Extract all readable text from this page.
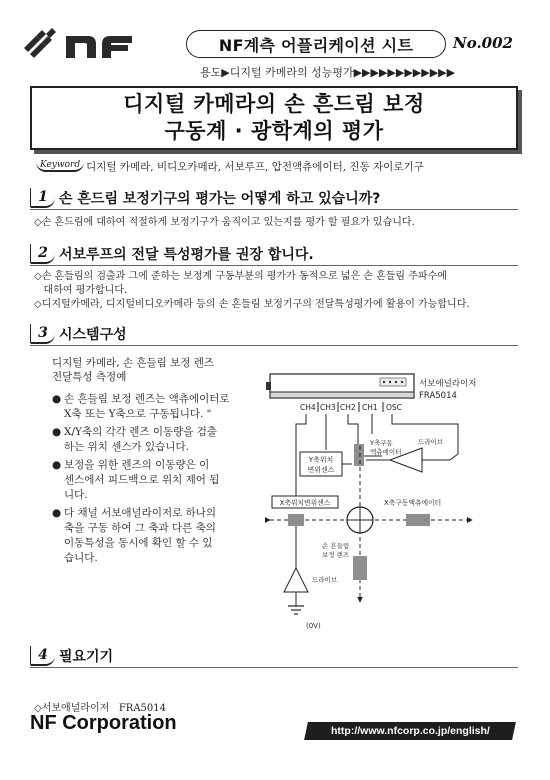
NF계측 어플리케이션 시트	No.002
용도▶디지털 카메라의 성능평가▶▶▶▶▶▶▶▶▶▶▶▶
디지털 카메라의 손 흔드림 보정
구동계 · 광학계의 평가
Keyword 디지털 카메라, 비디오카메라, 서보루프, 압전액츄에이터, 진동 자이로기구
1 손 흔드림 보정기구의 평가는 어떻게 하고 있습니까?
◇손 흔드림에 대하여 적절하게 보정기구가 움직이고 있는지를 평가 할 필요가 있습니다.
2 서보루프의 전달 특성평가를 권장 합니다.
◇손 흔들림의 검출과 그에 준하는 보정계 구동부분의 평가가 동적으로 넓은 손 흔들림 주파수에
대하여 평가합니다.
◇디지털카메라, 디지털비디오카메라 등의 손 흔들림 보정기구의 전달특성평가에 활용이 가능합니다.
3 시스템구성
디지털 카메라, 손 흔들림 보정 렌즈
전달특성 측정예
● 손 흔들림 보정 렌즈는 액츄에이터로
X축 또는 Y축으로 구동됩니다. "
● X/Y축의 각각 렌즈 이동량을 검출
하는 위치 센스가 있습니다.
● 보정을 위한 렌즈의 이동량은 이
센스에서 피드백으로 위치 제어 됩
니다.
● 다 채널 서보애널라이저로 하나의
축을 구동 하여 그 축과 다른 축의
이동특성을 동시에 확인 할 수 있
습니다.
서보애널라이저
FRA5014
CH4 CH3 CH2 CH1 OSC
Y축위치
변위센스
Y축구동
액츄에이터
드라이브
X축위치변위센스	X축구동액츄에이터
손 흔들림
보정 렌즈
드라이브
(0V)
4 필요기기

◇서보애널라이저   FRA5014

NF Corporation	http://www.nfcorp.co.jp/english/
